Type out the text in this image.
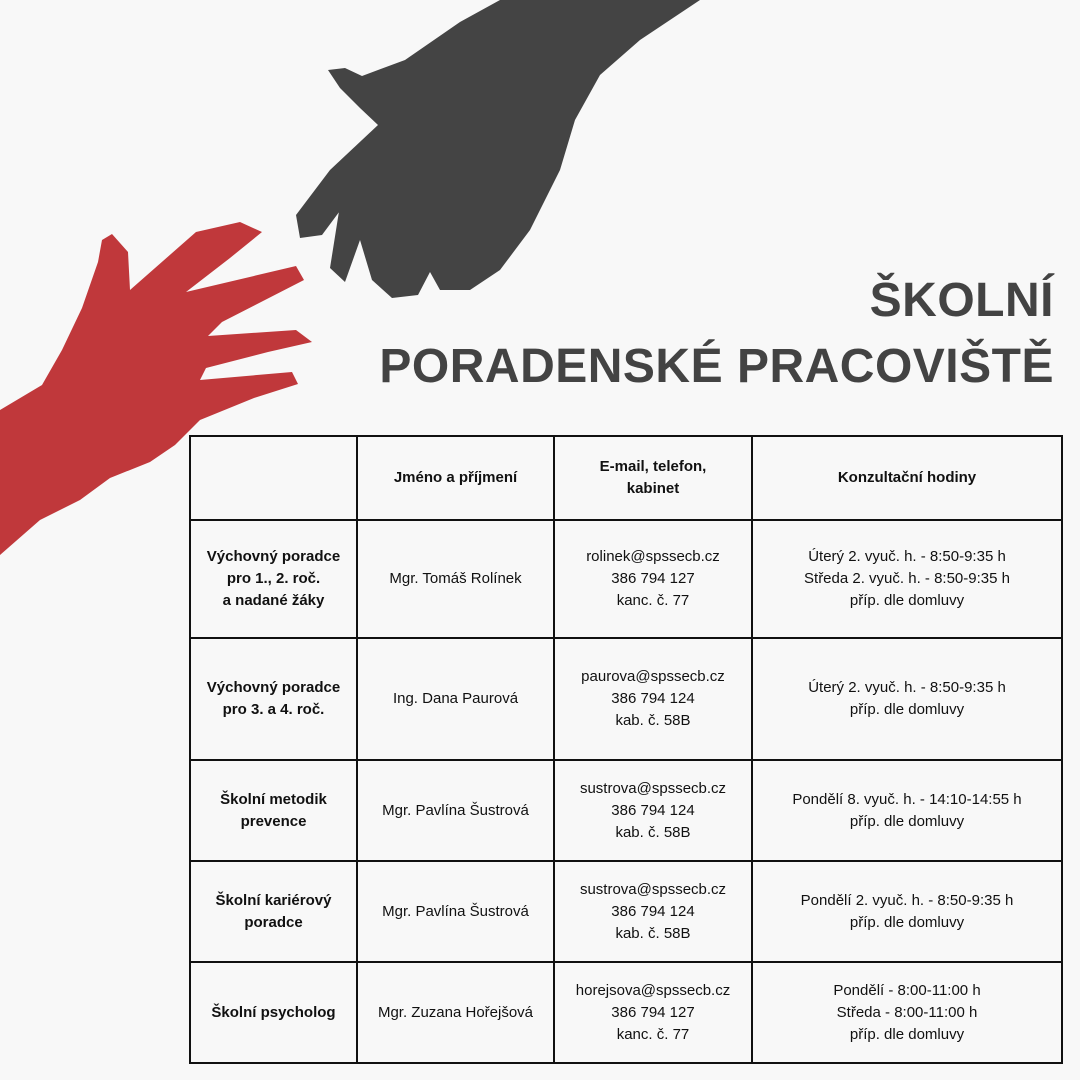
ŠKOLNÍ
PORADENSKÉ PRACOVIŠTĚ
	Jméno a příjmení	E-mail, telefon,
kabinet	Konzultační hodiny

Výchovný poradce
pro 1., 2. roč.
a nadané žáky	Mgr. Tomáš Rolínek	rolinek@spssecb.cz
386 794 127
kanc. č. 77	Úterý 2. vyuč. h. - 8:50-9:35 h
Středa 2. vyuč. h. - 8:50-9:35 h
příp. dle domluvy

Výchovný poradce
pro 3. a 4. roč.	Ing. Dana Paurová	paurova@spssecb.cz
386 794 124
kab. č. 58B	Úterý 2. vyuč. h. - 8:50-9:35 h
příp. dle domluvy

Školní metodik
prevence	Mgr. Pavlína Šustrová	sustrova@spssecb.cz
386 794 124
kab. č. 58B	Pondělí 8. vyuč. h. - 14:10-14:55 h
příp. dle domluvy

Školní kariérový
poradce	Mgr. Pavlína Šustrová	sustrova@spssecb.cz
386 794 124
kab. č. 58B	Pondělí 2. vyuč. h. - 8:50-9:35 h
příp. dle domluvy

Školní psycholog	Mgr. Zuzana Hořejšová	horejsova@spssecb.cz
386 794 127
kanc. č. 77	Pondělí - 8:00-11:00 h
Středa - 8:00-11:00 h
příp. dle domluvy
